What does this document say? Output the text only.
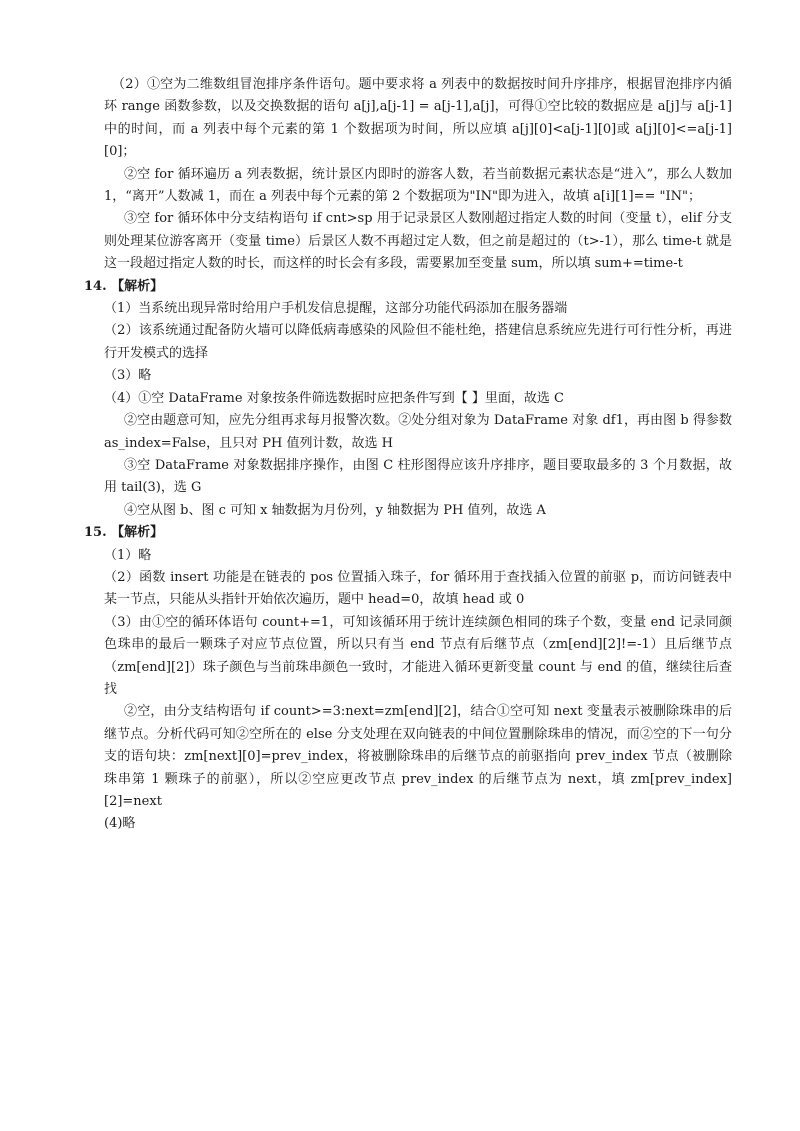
（2）①空为二维数组冒泡排序条件语句。题中要求将 a 列表中的数据按时间升序排序，根据冒泡排序内循环 range 函数参数，以及交换数据的语句 a[j],a[j-1] = a[j-1],a[j]，可得①空比较的数据应是 a[j]与 a[j-1]中的时间，而 a 列表中每个元素的第 1 个数据项为时间，所以应填 a[j][0]<a[j-1][0]或 a[j][0]<=a[j-1][0]；

②空 for 循环遍历 a 列表数据，统计景区内即时的游客人数，若当前数据元素状态是“进入”，那么人数加 1，“离开”人数减 1，而在 a 列表中每个元素的第 2 个数据项为"IN"即为进入，故填 a[i][1]== "IN"；

③空 for 循环体中分支结构语句 if cnt>sp 用于记录景区人数刚超过指定人数的时间（变量 t），elif 分支则处理某位游客离开（变量 time）后景区人数不再超过定人数，但之前是超过的（t>-1），那么 time-t 就是这一段超过指定人数的时长，而这样的时长会有多段，需要累加至变量 sum，所以填 sum+=time-t

14. 【解析】

（1）当系统出现异常时给用户手机发信息提醒，这部分功能代码添加在服务器端

（2）该系统通过配备防火墙可以降低病毒感染的风险但不能杜绝，搭建信息系统应先进行可行性分析，再进行开发模式的选择

（3）略

（4）①空 DataFrame 对象按条件筛选数据时应把条件写到【 】里面，故选 C

②空由题意可知，应先分组再求每月报警次数。②处分组对象为 DataFrame 对象 df1，再由图 b 得参数 as_index=False，且只对 PH 值列计数，故选 H

③空 DataFrame 对象数据排序操作，由图 C 柱形图得应该升序排序，题目要取最多的 3 个月数据，故用 tail(3)，选 G

④空从图 b、图 c 可知 x 轴数据为月份列，y 轴数据为 PH 值列，故选 A

15. 【解析】

（1）略

（2）函数 insert 功能是在链表的 pos 位置插入珠子，for 循环用于查找插入位置的前驱 p，而访问链表中某一节点，只能从头指针开始依次遍历，题中 head=0，故填 head 或 0

（3）由①空的循环体语句 count+=1，可知该循环用于统计连续颜色相同的珠子个数，变量 end 记录同颜色珠串的最后一颗珠子对应节点位置，所以只有当 end 节点有后继节点（zm[end][2]!=-1）且后继节点（zm[end][2]）珠子颜色与当前珠串颜色一致时，才能进入循环更新变量 count 与 end 的值，继续往后查找

②空，由分支结构语句 if count>=3:next=zm[end][2]，结合①空可知 next 变量表示被删除珠串的后继节点。分析代码可知②空所在的 else 分支处理在双向链表的中间位置删除珠串的情况，而②空的下一句分支的语句块：zm[next][0]=prev_index，将被删除珠串的后继节点的前驱指向 prev_index 节点（被删除珠串第 1 颗珠子的前驱），所以②空应更改节点 prev_index 的后继节点为 next，填 zm[prev_index][2]=next

(4)略
